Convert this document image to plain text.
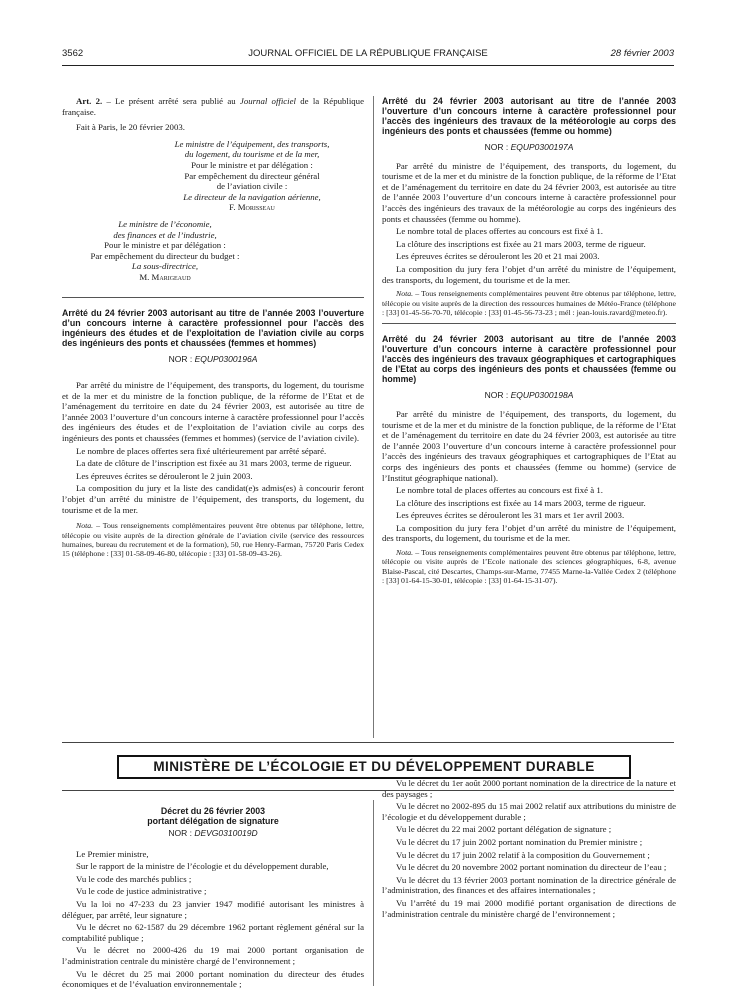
3562	JOURNAL OFFICIEL DE LA RÉPUBLIQUE FRANÇAISE	28 février 2003

Art. 2. – Le présent arrêté sera publié au Journal officiel de la République française.

Fait à Paris, le 20 février 2003.

Le ministre de l’équipement, des transports,
du logement, du tourisme et de la mer,
Pour le ministre et par délégation :
Par empêchement du directeur général
de l’aviation civile :
Le directeur de la navigation aérienne,
F. Morisseau
Le ministre de l’économie,
des finances et de l’industrie,
Pour le ministre et par délégation :
Par empêchement du directeur du budget :
La sous-directrice,
M. Marigeaud
Arrêté du 24 février 2003 autorisant au titre de l’année 2003 l’ouverture d’un concours interne à caractère professionnel pour l’accès des ingénieurs des études et de l’exploitation de l’aviation civile au corps des ingénieurs des ponts et chaussées (femmes et hommes)
NOR : EQUP0300196A

Par arrêté du ministre de l’équipement, des transports, du logement, du tourisme et de la mer et du ministre de la fonction publique, de la réforme de l’Etat et de l’aménagement du territoire en date du 24 février 2003, est autorisée au titre de l’année 2003 l’ouverture d’un concours interne à caractère professionnel pour l’accès des ingénieurs des études et de l’exploitation de l’aviation civile au corps des ingénieurs des ponts et chaussées (femmes et hommes) (service de l’aviation civile).

Le nombre de places offertes sera fixé ultérieurement par arrêté séparé.

La date de clôture de l’inscription est fixée au 31 mars 2003, terme de rigueur.

Les épreuves écrites se dérouleront le 2 juin 2003.

La composition du jury et la liste des candidat(e)s admis(es) à concourir feront l’objet d’un arrêté du ministre de l’équipement, des transports, du logement, du tourisme et de la mer.

Nota. – Tous renseignements complémentaires peuvent être obtenus par téléphone, lettre, télécopie ou visite auprès de la direction générale de l’aviation civile (service des ressources humaines, bureau du recrutement et de la formation), 50, rue Henry-Farman, 75720 Paris Cedex 15 (téléphone : [33] 01-58-09-46-80, télécopie : [33] 01-58-09-43-26).

Arrêté du 24 février 2003 autorisant au titre de l’année 2003 l’ouverture d’un concours interne à caractère professionnel pour l’accès des ingénieurs des travaux de la météorologie au corps des ingénieurs des ponts et chaussées (femme ou homme)
NOR : EQUP0300197A

Par arrêté du ministre de l’équipement, des transports, du logement, du tourisme et de la mer et du ministre de la fonction publique, de la réforme de l’Etat et de l’aménagement du territoire en date du 24 février 2003, est autorisée au titre de l’année 2003 l’ouverture d’un concours interne à caractère professionnel pour l’accès des ingénieurs des travaux de la météorologie au corps des ingénieurs des ponts et chaussées (femme ou homme).

Le nombre total de places offertes au concours est fixé à 1.

La clôture des inscriptions est fixée au 21 mars 2003, terme de rigueur.

Les épreuves écrites se dérouleront les 20 et 21 mai 2003.

La composition du jury fera l’objet d’un arrêté du ministre de l’équipement, des transports, du logement, du tourisme et de la mer.

Nota. – Tous renseignements complémentaires peuvent être obtenus par téléphone, lettre, télécopie ou visite auprès de la direction des ressources humaines de Météo-France (téléphone : [33] 01-45-56-70-70, télécopie : [33] 01-45-56-73-23 ; mél : jean-louis.ravard@meteo.fr).

Arrêté du 24 février 2003 autorisant au titre de l’année 2003 l’ouverture d’un concours interne à caractère professionnel pour l’accès des ingénieurs des travaux géographiques et cartographiques de l’Etat au corps des ingénieurs des ponts et chaussées (femme ou homme)
NOR : EQUP0300198A

Par arrêté du ministre de l’équipement, des transports, du logement, du tourisme et de la mer et du ministre de la fonction publique, de la réforme de l’Etat et de l’aménagement du territoire en date du 24 février 2003, est autorisée au titre de l’année 2003 l’ouverture d’un concours interne à caractère professionnel pour l’accès des ingénieurs des travaux géographiques et cartographiques de l’Etat au corps des ingénieurs des ponts et chaussées (femme ou homme) (service de l’Institut géographique national).

Le nombre total de places offertes au concours est fixé à 1.

La clôture des inscriptions est fixée au 14 mars 2003, terme de rigueur.

Les épreuves écrites se dérouleront les 31 mars et 1er avril 2003.

La composition du jury fera l’objet d’un arrêté du ministre de l’équipement, des transports, du logement, du tourisme et de la mer.

Nota. – Tous renseignements complémentaires peuvent être obtenus par téléphone, lettre, télécopie ou visite auprès de l’Ecole nationale des sciences géographiques, 6-8, avenue Blaise-Pascal, cité Descartes, Champs-sur-Marne, 77455 Marne-la-Vallée Cedex 2 (téléphone : [33] 01-64-15-30-01, télécopie : [33] 01-64-15-31-07).

MINISTÈRE DE L’ÉCOLOGIE ET DU DÉVELOPPEMENT DURABLE
Décret du 26 février 2003
portant délégation de signature
NOR : DEVG0310019D

Le Premier ministre,

Sur le rapport de la ministre de l’écologie et du développement durable,

Vu le code des marchés publics ;

Vu le code de justice administrative ;

Vu la loi no 47-233 du 23 janvier 1947 modifié autorisant les ministres à déléguer, par arrêté, leur signature ;

Vu le décret no 62-1587 du 29 décembre 1962 portant règlement général sur la comptabilité publique ;

Vu le décret no 2000-426 du 19 mai 2000 portant organisation de l’administration centrale du ministère chargé de l’environnement ;

Vu le décret du 25 mai 2000 portant nomination du directeur des études économiques et de l’évaluation environnementale ;

Vu le décret du 1er août 2000 portant nomination de la directrice de la nature et des paysages ;

Vu le décret no 2002-895 du 15 mai 2002 relatif aux attributions du ministre de l’écologie et du développement durable ;

Vu le décret du 22 mai 2002 portant délégation de signature ;

Vu le décret du 17 juin 2002 portant nomination du Premier ministre ;

Vu le décret du 17 juin 2002 relatif à la composition du Gouvernement ;

Vu le décret du 20 novembre 2002 portant nomination du directeur de l’eau ;

Vu le décret du 13 février 2003 portant nomination de la directrice générale de l’administration, des finances et des affaires internationales ;

Vu l’arrêté du 19 mai 2000 modifié portant organisation de directions de l’administration centrale du ministère chargé de l’environnement ;
